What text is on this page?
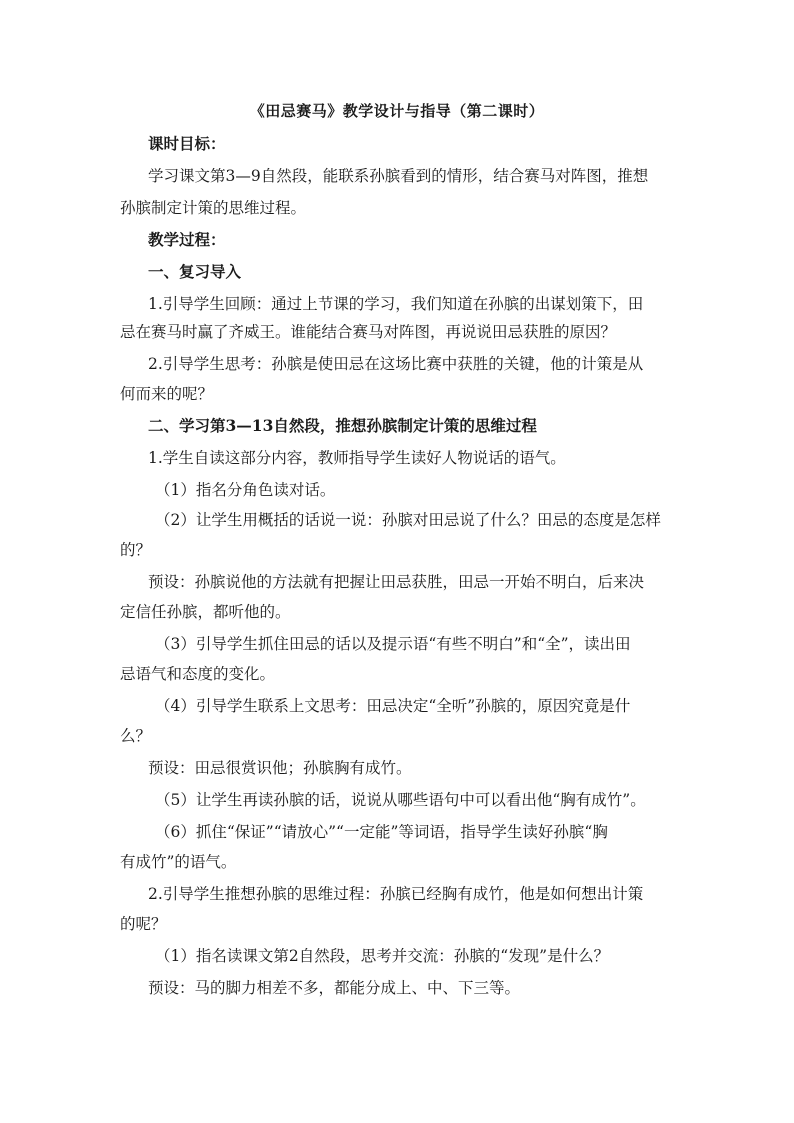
《田忌赛马》教学设计与指导（第二课时）
课时目标：
学习课文第3—9自然段，能联系孙膑看到的情形，结合赛马对阵图，推想
孙膑制定计策的思维过程。
教学过程：
一、复习导入
1.引导学生回顾：通过上节课的学习，我们知道在孙膑的出谋划策下，田
忌在赛马时赢了齐威王。谁能结合赛马对阵图，再说说田忌获胜的原因？
2.引导学生思考：孙膑是使田忌在这场比赛中获胜的关键，他的计策是从
何而来的呢？
二、学习第3—13自然段，推想孙膑制定计策的思维过程
1.学生自读这部分内容，教师指导学生读好人物说话的语气。
（1）指名分角色读对话。
（2）让学生用概括的话说一说：孙膑对田忌说了什么？田忌的态度是怎样
的？
预设：孙膑说他的方法就有把握让田忌获胜，田忌一开始不明白，后来决
定信任孙膑，都听他的。
（3）引导学生抓住田忌的话以及提示语“有些不明白”和“全”，读出田
忌语气和态度的变化。
（4）引导学生联系上文思考：田忌决定“全听”孙膑的，原因究竟是什
么？
预设：田忌很赏识他；孙膑胸有成竹。
（5）让学生再读孙膑的话，说说从哪些语句中可以看出他“胸有成竹”。
（6）抓住“保证”“请放心”“一定能”等词语，指导学生读好孙膑“胸
有成竹”的语气。
2.引导学生推想孙膑的思维过程：孙膑已经胸有成竹，他是如何想出计策
的呢？
（1）指名读课文第2自然段，思考并交流：孙膑的“发现”是什么？
预设：马的脚力相差不多，都能分成上、中、下三等。
